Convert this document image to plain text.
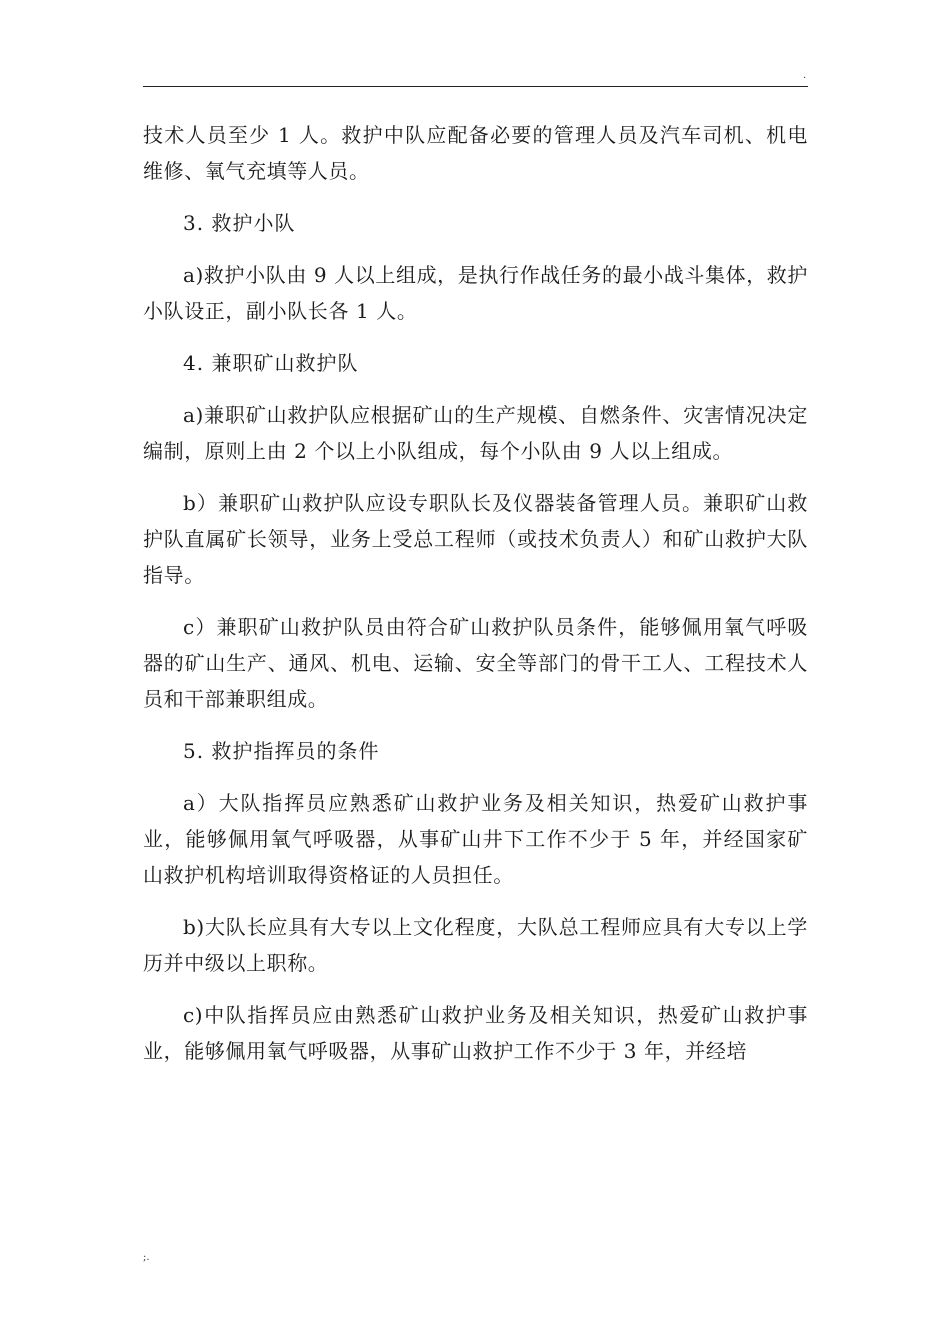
.

技术人员至少 1 人。救护中队应配备必要的管理人员及汽车司机、机电维修、氧气充填等人员。

3. 救护小队

a)救护小队由 9 人以上组成，是执行作战任务的最小战斗集体，救护小队设正，副小队长各 1 人。

4. 兼职矿山救护队

a)兼职矿山救护队应根据矿山的生产规模、自燃条件、灾害情况决定编制，原则上由 2 个以上小队组成，每个小队由 9 人以上组成。

b）兼职矿山救护队应设专职队长及仪器装备管理人员。兼职矿山救护队直属矿长领导，业务上受总工程师（或技术负责人）和矿山救护大队指导。

c）兼职矿山救护队员由符合矿山救护队员条件，能够佩用氧气呼吸器的矿山生产、通风、机电、运输、安全等部门的骨干工人、工程技术人员和干部兼职组成。

5. 救护指挥员的条件

a）大队指挥员应熟悉矿山救护业务及相关知识，热爱矿山救护事业，能够佩用氧气呼吸器，从事矿山井下工作不少于 5 年，并经国家矿山救护机构培训取得资格证的人员担任。

b)大队长应具有大专以上文化程度，大队总工程师应具有大专以上学历并中级以上职称。

c)中队指挥员应由熟悉矿山救护业务及相关知识，热爱矿山救护事业，能够佩用氧气呼吸器，从事矿山救护工作不少于 3 年，并经培

;.
